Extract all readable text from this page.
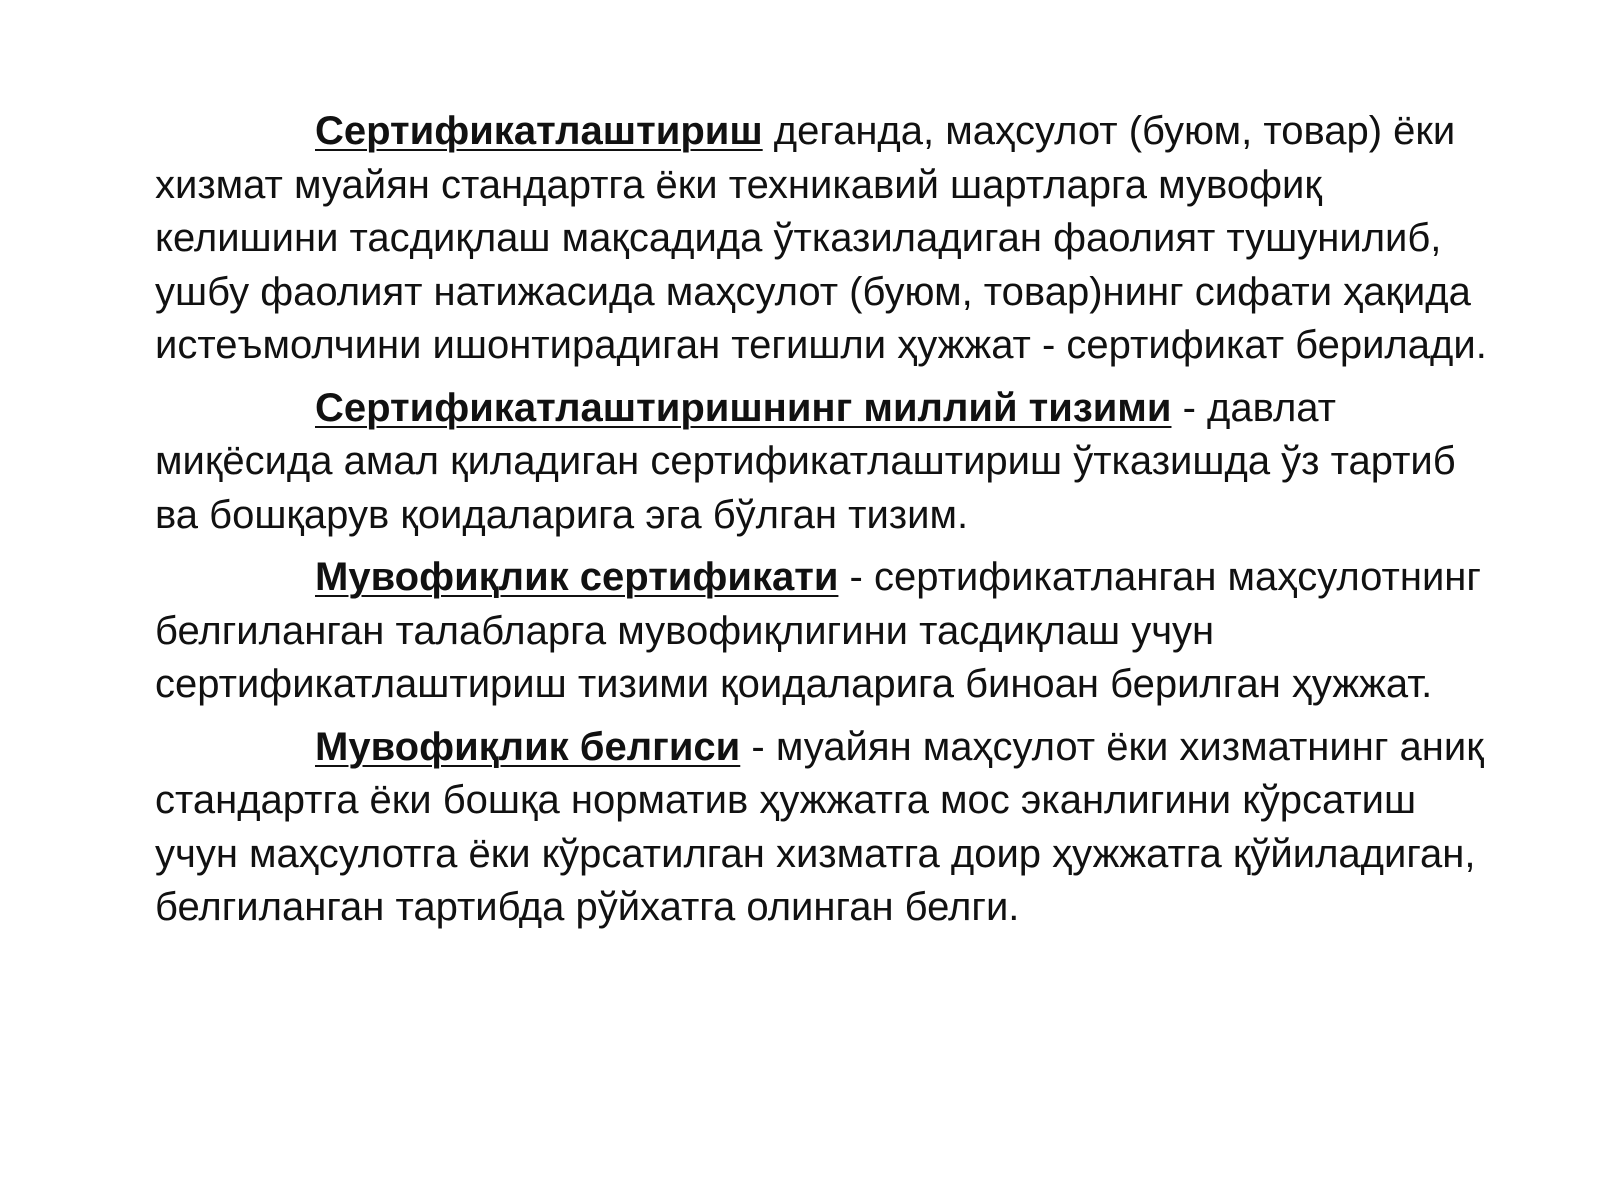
Сертификатлаштириш деганда, маҳсулот (буюм, товар) ёки хизмат муайян стандартга ёки техникавий шартларга мувофиқ келишини тасдиқлаш мақсадида ўтказиладиган фаолият тушунилиб, ушбу фаолият натижасида маҳсулот (буюм, товар)нинг сифати ҳақида истеъмолчини ишонтирадиган тегишли ҳужжат - сертификат берилади.

Сертификатлаштиришнинг миллий тизими - давлат миқёсида амал қиладиган сертификатлаштириш ўтказишда ўз тартиб ва бошқарув қоидаларига эга бўлган тизим.

Мувофиқлик сертификати - сертификатланган маҳсулотнинг белгиланган талабларга мувофиқлигини тасдиқлаш учун сертификатлаштириш тизими қоидаларига биноан берилган ҳужжат.

Мувофиқлик белгиси - муайян маҳсулот ёки хизматнинг аниқ стандартга ёки бошқа норматив ҳужжатга мос эканлигини кўрсатиш учун маҳсулотга ёки кўрсатилган хизматга доир ҳужжатга қўйиладиган, белгиланган тартибда рўйхатга олинган белги.
